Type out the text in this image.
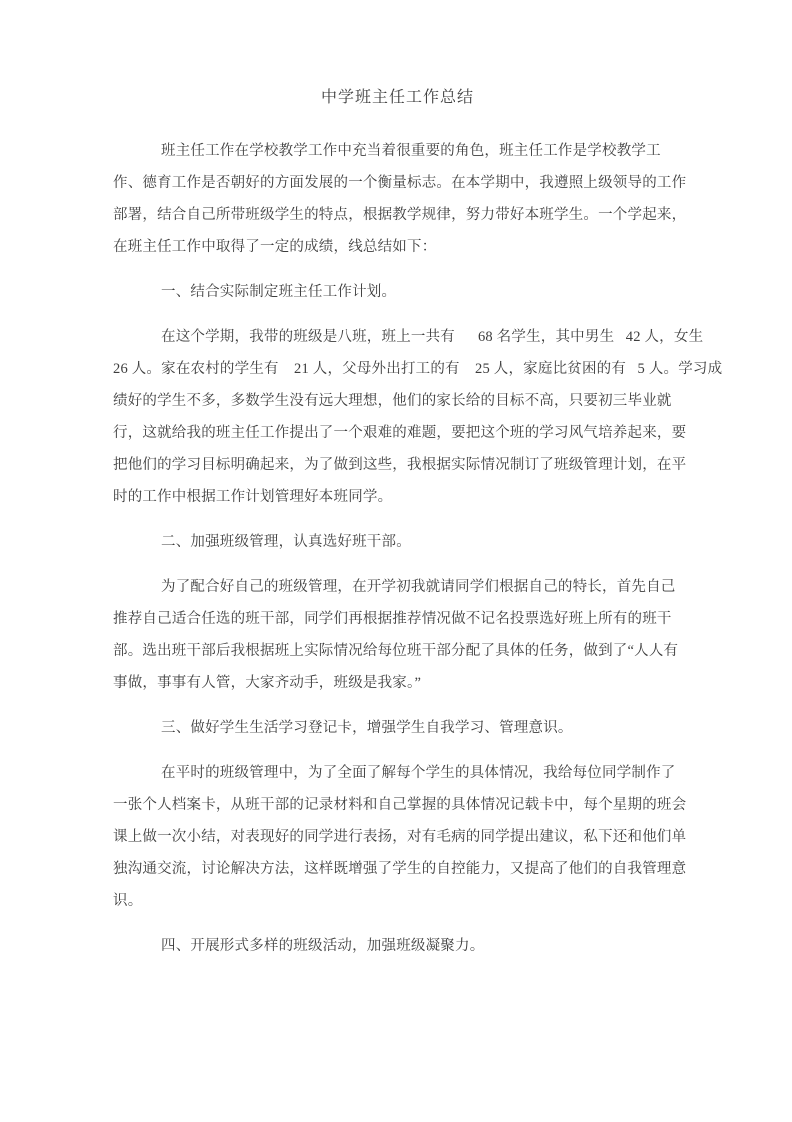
中学班主任工作总结
班主任工作在学校教学工作中充当着很重要的角色，班主任工作是学校教学工
作、德育工作是否朝好的方面发展的一个衡量标志。在本学期中，我遵照上级领导的工作
部署，结合自己所带班级学生的特点，根据教学规律，努力带好本班学生。一个学起来，
在班主任工作中取得了一定的成绩，线总结如下：
一、结合实际制定班主任工作计划。
在这个学期，我带的班级是八班，班上一共有      68 名学生，其中男生   42 人，女生
26 人。家在农村的学生有    21 人，父母外出打工的有    25 人，家庭比贫困的有   5 人。学习成
绩好的学生不多，多数学生没有远大理想，他们的家长给的目标不高，只要初三毕业就
行，这就给我的班主任工作提出了一个艰难的难题，要把这个班的学习风气培养起来，要
把他们的学习目标明确起来，为了做到这些，我根据实际情况制订了班级管理计划，在平
时的工作中根据工作计划管理好本班同学。
二、加强班级管理，认真选好班干部。
为了配合好自己的班级管理，在开学初我就请同学们根据自己的特长，首先自己
推荐自己适合任选的班干部，同学们再根据推荐情况做不记名投票选好班上所有的班干
部。选出班干部后我根据班上实际情况给每位班干部分配了具体的任务，做到了“人人有
事做，事事有人管，大家齐动手，班级是我家。”
三、做好学生生活学习登记卡，增强学生自我学习、管理意识。
在平时的班级管理中，为了全面了解每个学生的具体情况，我给每位同学制作了
一张个人档案卡，从班干部的记录材料和自己掌握的具体情况记载卡中，每个星期的班会
课上做一次小结，对表现好的同学进行表扬，对有毛病的同学提出建议，私下还和他们单
独沟通交流，讨论解决方法，这样既增强了学生的自控能力，又提高了他们的自我管理意
识。
四、开展形式多样的班级活动，加强班级凝聚力。
